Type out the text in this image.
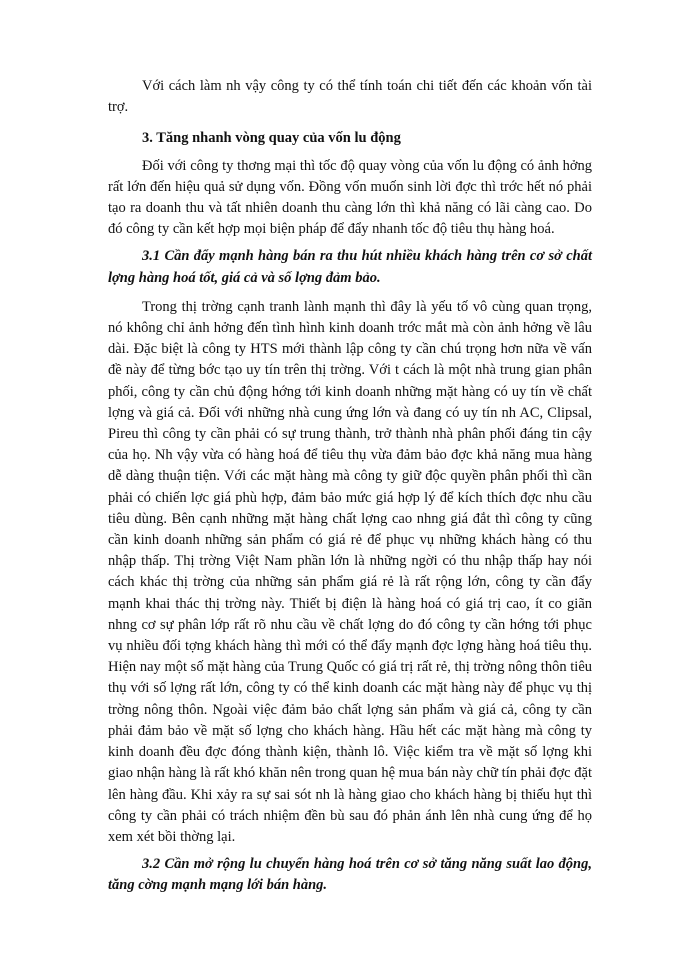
Với cách làm nh vậy công ty có thể tính toán chi tiết đến các khoản vốn tài trợ.

3. Tăng nhanh vòng quay của vốn lu động

Đối với công ty thơng mại thì tốc độ quay vòng của vốn lu động có ảnh hởng rất lớn đến hiệu quả sử dụng vốn. Đồng vốn muốn sinh lời đợc thì trớc hết nó phải tạo ra doanh thu và tất nhiên doanh thu càng lớn thì khả năng có lãi càng cao. Do đó công ty cần kết hợp mọi biện pháp để đẩy nhanh tốc độ tiêu thụ hàng hoá.

3.1 Cần đẩy mạnh hàng bán ra thu hút nhiều khách hàng trên cơ sở chất lợng hàng hoá tốt, giá cả và số lợng đảm bảo.

Trong thị trờng cạnh tranh lành mạnh thì đây là yếu tố vô cùng quan trọng, nó không chỉ ảnh hởng đến tình hình kinh doanh trớc mắt mà còn ảnh hởng về lâu dài. Đặc biệt là công ty HTS mới thành lập công ty cần chú trọng hơn nữa về vấn đề này để từng bớc tạo uy tín trên thị trờng. Với t cách là một nhà trung gian phân phối, công ty cần chủ động hớng tới kinh doanh những mặt hàng có uy tín về chất lợng và giá cả. Đối với những nhà cung ứng lớn và đang có uy tín nh AC, Clipsal, Pireu thì công ty cần phải có sự trung thành, trở thành nhà phân phối đáng tin cậy của họ. Nh vậy vừa có hàng hoá để tiêu thụ vừa đảm bảo đợc khả năng mua hàng dễ dàng thuận tiện. Với các mặt hàng mà công ty giữ độc quyền phân phối thì cần phải có chiến lợc giá phù hợp, đảm bảo mức giá hợp lý để kích thích đợc nhu cầu tiêu dùng. Bên cạnh những mặt hàng chất lợng cao nhng giá đắt thì công ty cũng cần kinh doanh những sản phẩm có giá rẻ để phục vụ những khách hàng có thu nhập thấp. Thị trờng Việt Nam phần lớn là những ngời có thu nhập thấp hay nói cách khác thị trờng của những sản phẩm giá rẻ là rất rộng lớn, công ty cần đẩy mạnh khai thác thị trờng này. Thiết bị điện là hàng hoá có giá trị cao, ít co giãn nhng cơ sự phân lớp rất rõ nhu cầu về chất lợng do đó công ty cần hớng tới phục vụ nhiều đối tợng khách hàng thì mới có thể đẩy mạnh đợc lợng hàng hoá tiêu thụ. Hiện nay một số mặt hàng của Trung Quốc có giá trị rất rẻ, thị trờng nông thôn tiêu thụ với số lợng rất lớn, công ty có thể kinh doanh các mặt hàng này để phục vụ thị trờng nông thôn. Ngoài việc đảm bảo chất lợng sản phẩm và giá cả, công ty cần phải đảm bảo về mặt số lợng cho khách hàng. Hầu hết các mặt hàng mà công ty kinh doanh đều đợc đóng thành kiện, thành lô. Việc kiểm tra về mặt số lợng khi giao nhận hàng là rất khó khăn nên trong quan hệ mua bán này chữ tín phải đợc đặt lên hàng đầu. Khi xảy ra sự sai sót nh là hàng giao cho khách hàng bị thiếu hụt thì công ty cần phải có trách nhiệm đền bù sau đó phản ánh lên nhà cung ứng để họ xem xét bồi thờng lại.

3.2 Cần mở rộng lu chuyển hàng hoá trên cơ sở tăng năng suất lao động, tăng cờng mạnh mạng lới bán hàng.
